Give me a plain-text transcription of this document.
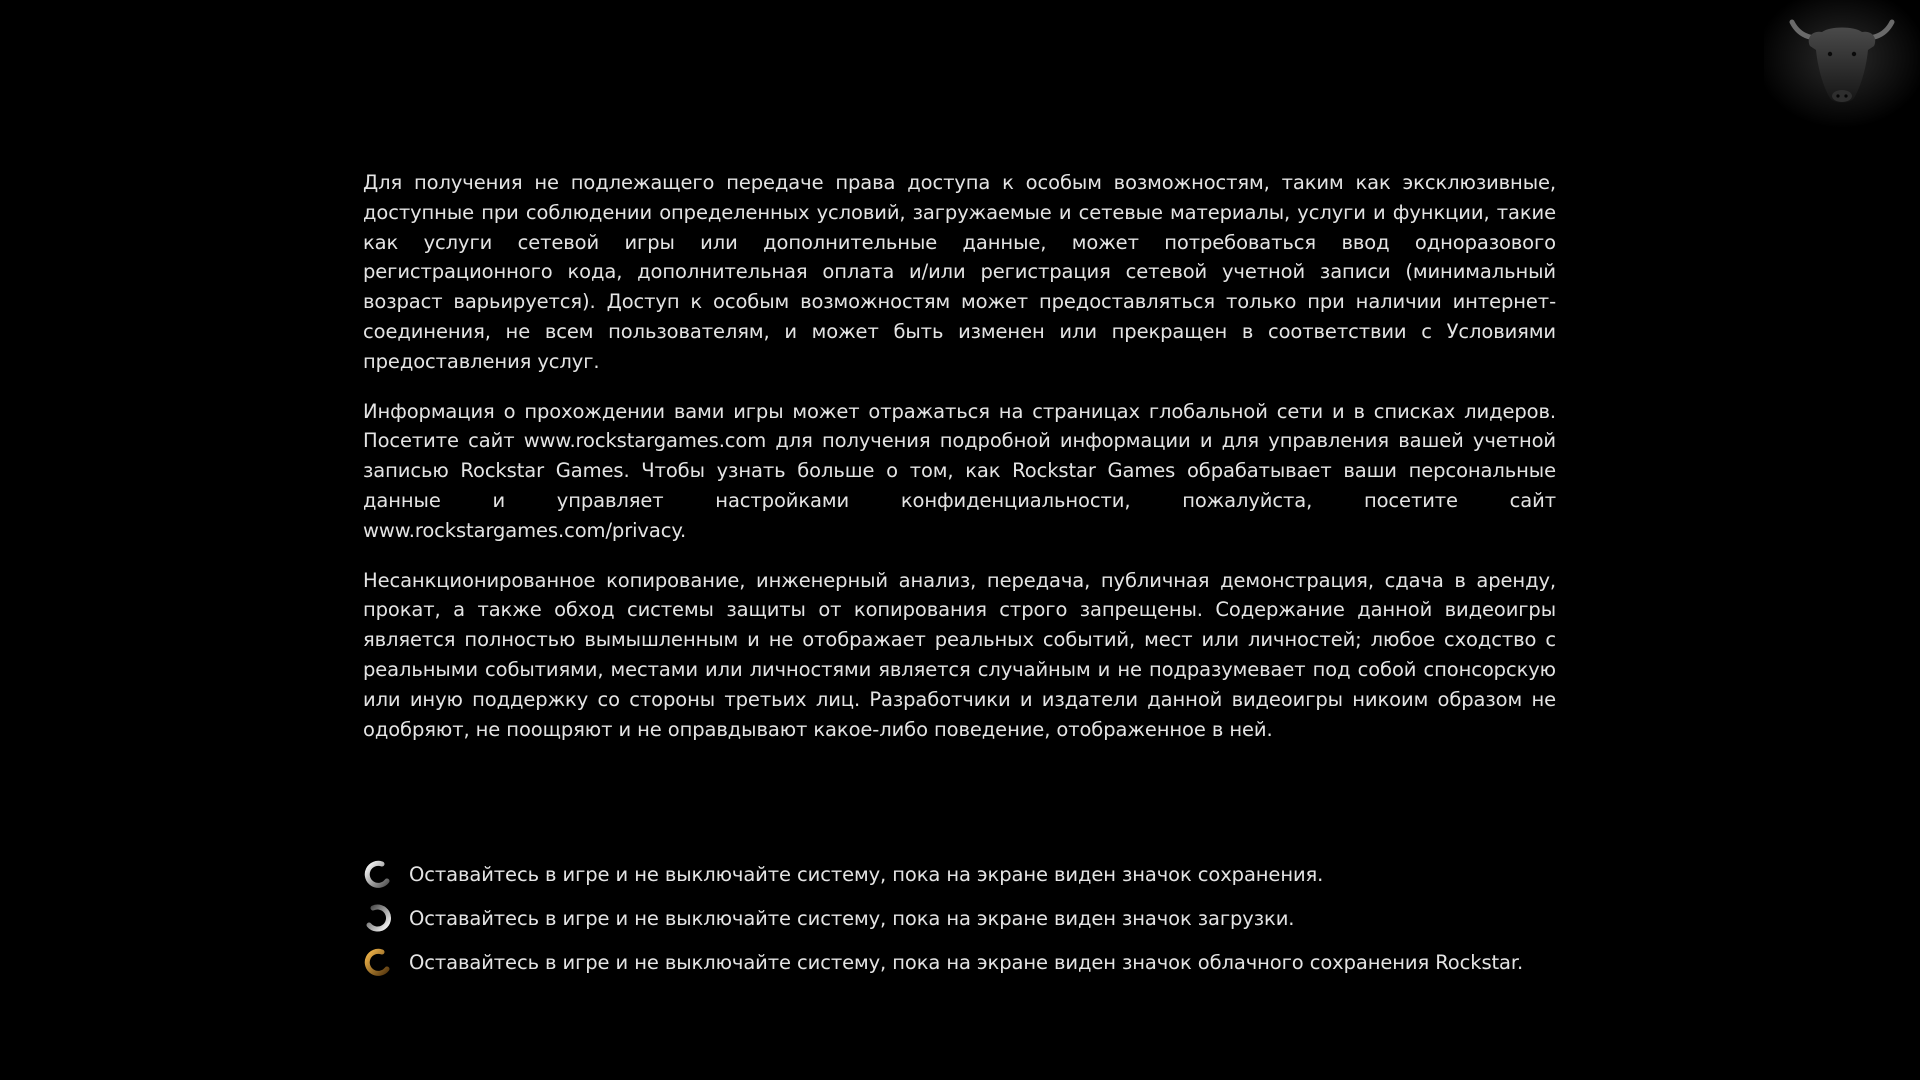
Для получения не подлежащего передаче права доступа к особым возможностям, таким как эксклюзивные, доступные при соблюдении определенных условий, загружаемые и сетевые материалы, услуги и функции, такие как услуги сетевой игры или дополнительные данные, может потребоваться ввод одноразового регистрационного кода, дополнительная оплата и/или регистрация сетевой учетной записи (минимальный возраст варьируется). Доступ к особым возможностям может предоставляться только при наличии интернет-соединения, не всем пользователям, и может быть изменен или прекращен в соответствии с Условиями предоставления услуг.

Информация о прохождении вами игры может отражаться на страницах глобальной сети и в списках лидеров. Посетите сайт www.rockstargames.com для получения подробной информации и для управления вашей учетной записью Rockstar Games. Чтобы узнать больше о том, как Rockstar Games обрабатывает ваши персональные данные и управляет настройками конфиденциальности, пожалуйста, посетите сайт www.rockstargames.com/privacy.

Несанкционированное копирование, инженерный анализ, передача, публичная демонстрация, сдача в аренду, прокат, а также обход системы защиты от копирования строго запрещены. Содержание данной видеоигры является полностью вымышленным и не отображает реальных событий, мест или личностей; любое сходство с реальными событиями, местами или личностями является случайным и не подразумевает под собой спонсорскую или иную поддержку со стороны третьих лиц. Разработчики и издатели данной видеоигры никоим образом не одобряют, не поощряют и не оправдывают какое-либо поведение, отображенное в ней.

Оставайтесь в игре и не выключайте систему, пока на экране виден значок сохранения.
Оставайтесь в игре и не выключайте систему, пока на экране виден значок загрузки.
Оставайтесь в игре и не выключайте систему, пока на экране виден значок облачного сохранения Rockstar.
